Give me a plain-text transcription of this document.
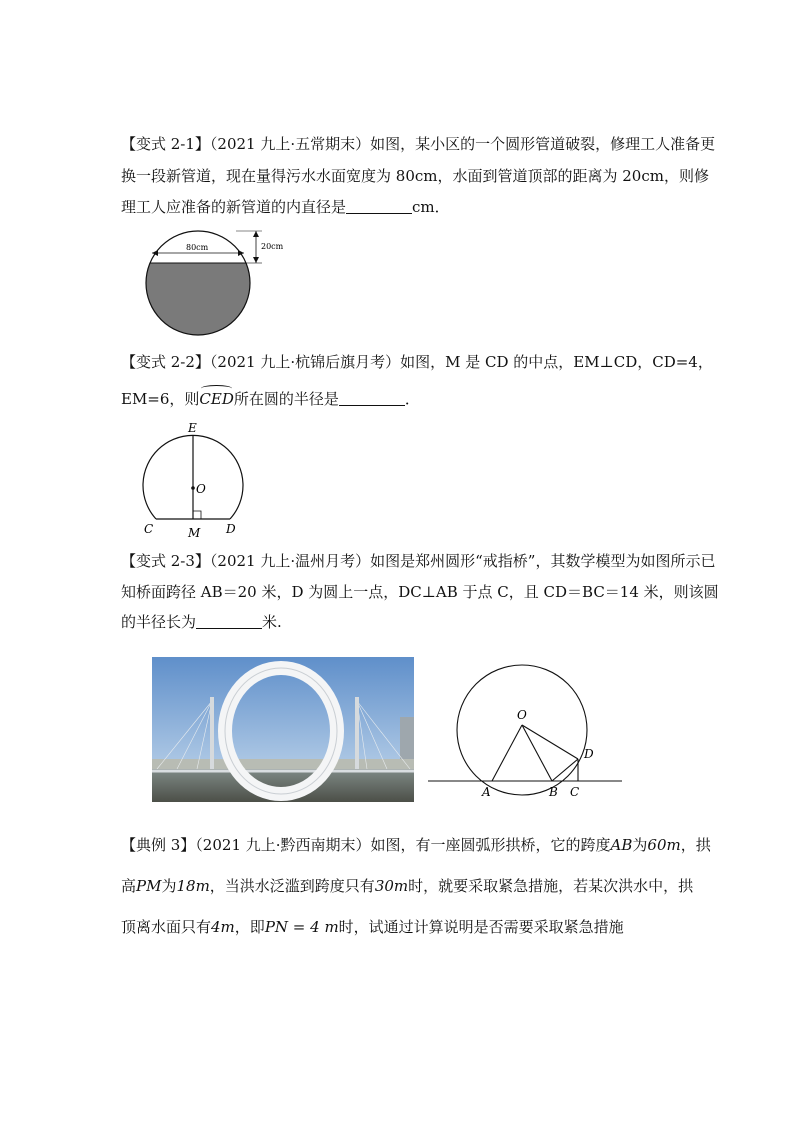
【变式 2-1】（2021 九上·五常期末）如图，某小区的一个圆形管道破裂，修理工人准备更
换一段新管道，现在量得污水水面宽度为 80cm，水面到管道顶部的距离为 20cm，则修
理工人应准备的新管道的内直径是	cm．
80cm	20cm
【变式 2-2】（2021 九上·杭锦后旗月考）如图，M 是 CD 的中点，EM⊥CD，CD=4，
EM=6，则
CED所在圆的半径是	．
E
O
C	M D
【变式 2-3】（2021 九上·温州月考）如图是郑州圆形“戒指桥”，其数学模型为如图所示已
知桥面跨径 AB＝20 米，D 为圆上一点，DC⊥AB 于点 C，且 CD＝BC＝14 米，则该圆
的半径长为	米.
O
A	B C
D
【典例 3】（2021 九上·黔西南期末）如图，有一座圆弧形拱桥，它的跨度AB为60m，拱
高PM为18m，当洪水泛滥到跨度只有30m时，就要采取紧急措施，若某次洪水中，拱
顶离水面只有4m，即PN = 4 m时，试通过计算说明是否需要采取紧急措施
